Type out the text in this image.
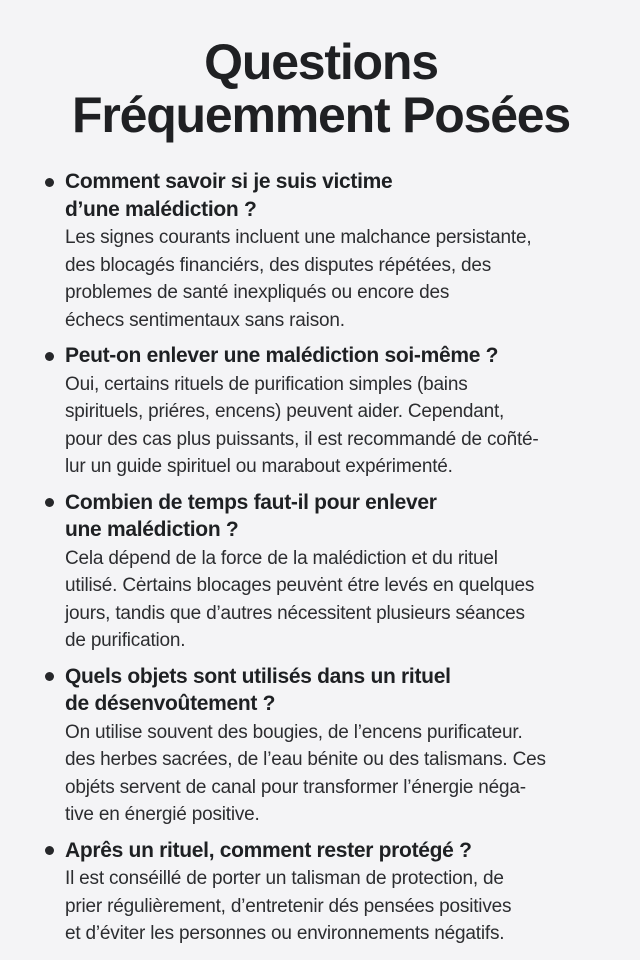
Questions
Fréquemment Posées
Comment savoir si je suis victime
d’une malédiction ?
Les signes courants incluent une malchance persistante,
des blocagés financiérs, des disputes répétées, des
problemes de santé inexpliqués ou encore des
échecs sentimentaux sans raison.
Peut-on enlever une malédiction soi-même ?
Oui, certains rituels de purification simples (bains
spirituels, priéres, encens) peuvent aider. Cependant,
pour des cas plus puissants, il est recommandé de coñté-
lur un guide spirituel ou marabout expérimenté.
Combien de temps faut-il pour enlever
une malédiction ?
Cela dépend de la force de la malédiction et du rituel
utilisé. Cėrtains blocages peuvėnt étre levés en quelques
jours, tandis que d’autres nécessitent plusieurs séances
de purification.
Quels objets sont utilisés dans un rituel
de désenvoûtement ?
On utilise souvent des bougies, de l’encens purificateur.
des herbes sacrées, de l’eau bénite ou des talismans. Ces
objéts servent de canal pour transformer l’énergie néga-
tive en énergié positive.
Aprês un rituel, comment rester protégé ?
Il est conséillé de porter un talisman de protection, de
prier régulièrement, d’entretenir dés pensées positives
et d’éviter les personnes ou environnements négatifs.
